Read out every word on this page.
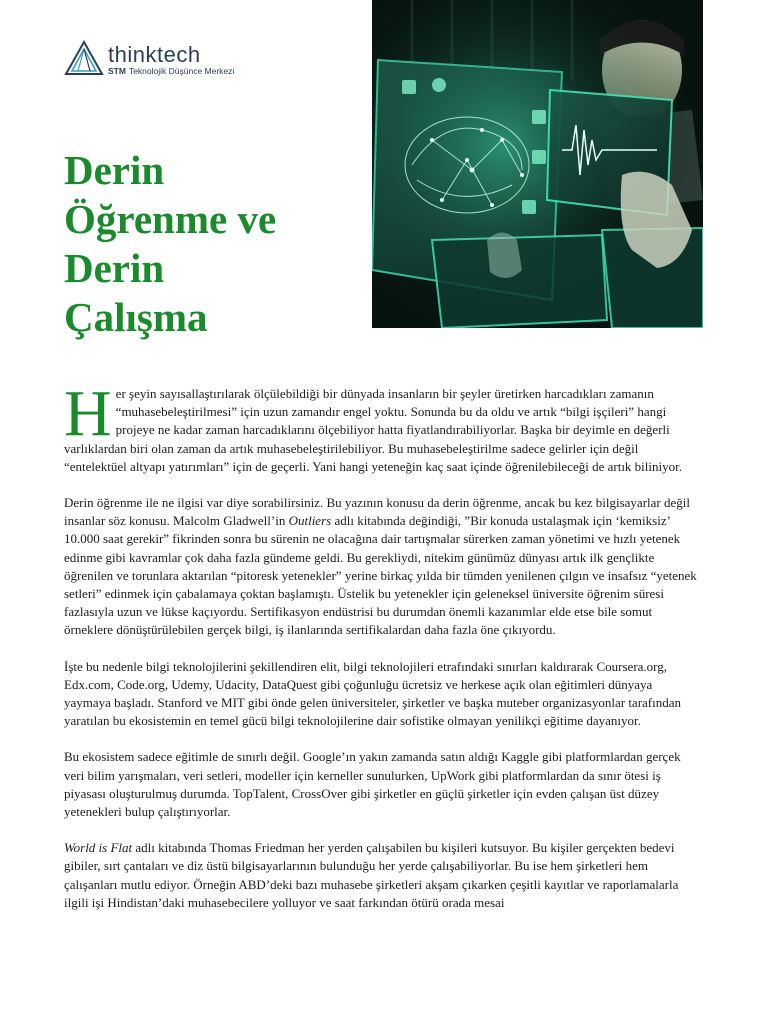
thinktech
STM Teknolojik Düşünce Merkezi
Derin
Öğrenme ve
Derin
Çalışma

Her şeyin sayısallaştırılarak ölçülebildiği bir dünyada insanların bir şeyler üretirken harcadıkları zamanın “muhasebeleştirilmesi” için uzun zamandır engel yoktu. Sonunda bu da oldu ve artık “bilgi işçileri” hangi projeye ne kadar zaman harcadıklarını ölçebiliyor hatta fiyatlandırabiliyorlar. Başka bir deyimle en değerli varlıklardan biri olan zaman da artık muhasebeleştirilebiliyor. Bu muhasebeleştirilme sadece gelirler için değil “entelektüel altyapı yatırımları” için de geçerli. Yani hangi yeteneğin kaç saat içinde öğrenilebileceği de artık biliniyor.

Derin öğrenme ile ne ilgisi var diye sorabilirsiniz. Bu yazının konusu da derin öğrenme, ancak bu kez bilgisayarlar değil insanlar söz konusu. Malcolm Gladwell’in Outliers adlı kitabında değindiği, ”Bir konuda ustalaşmak için ‘kemiksiz’ 10.000 saat gerekir” fikrinden sonra bu sürenin ne olacağına dair tartışmalar sürerken zaman yönetimi ve hızlı yetenek edinme gibi kavramlar çok daha fazla gündeme geldi. Bu gerekliydi, nitekim günümüz dünyası artık ilk gençlikte öğrenilen ve torunlara aktarılan “pitoresk yetenekler” yerine birkaç yılda bir tümden yenilenen çılgın ve insafsız “yetenek setleri” edinmek için çabalamaya çoktan başlamıştı. Üstelik bu yetenekler için geleneksel üniversite öğrenim süresi fazlasıyla uzun ve lükse kaçıyordu. Sertifikasyon endüstrisi bu durumdan önemli kazanımlar elde etse bile somut örneklere dönüştürülebilen gerçek bilgi, iş ilanlarında sertifikalardan daha fazla öne çıkıyordu.

İşte bu nedenle bilgi teknolojilerini şekillendiren elit, bilgi teknolojileri etrafındaki sınırları kaldırarak Coursera.org, Edx.com, Code.org, Udemy, Udacity, DataQuest gibi çoğunluğu ücretsiz ve herkese açık olan eğitimleri dünyaya yaymaya başladı. Stanford ve MIT gibi önde gelen üniversiteler, şirketler ve başka muteber organizasyonlar tarafından yaratılan bu ekosistemin en temel gücü bilgi teknolojilerine dair sofistike olmayan yenilikçi eğitime dayanıyor.

Bu ekosistem sadece eğitimle de sınırlı değil. Google’ın yakın zamanda satın aldığı Kaggle gibi platformlardan gerçek veri bilim yarışmaları, veri setleri, modeller için kerneller sunulurken, UpWork gibi platformlardan da sınır ötesi iş piyasası oluşturulmuş durumda. TopTalent, CrossOver gibi şirketler en güçlü şirketler için evden çalışan üst düzey yetenekleri bulup çalıştırıyorlar.

World is Flat adlı kitabında Thomas Friedman her yerden çalışabilen bu kişileri kutsuyor. Bu kişiler gerçekten bedevi gibiler, sırt çantaları ve diz üstü bilgisayarlarının bulunduğu her yerde çalışabiliyorlar. Bu ise hem şirketleri hem çalışanları mutlu ediyor. Örneğin ABD’deki bazı muhasebe şirketleri akşam çıkarken çeşitli kayıtlar ve raporlamalarla ilgili işi Hindistan’daki muhasebecilere yolluyor ve saat farkından ötürü orada mesai
